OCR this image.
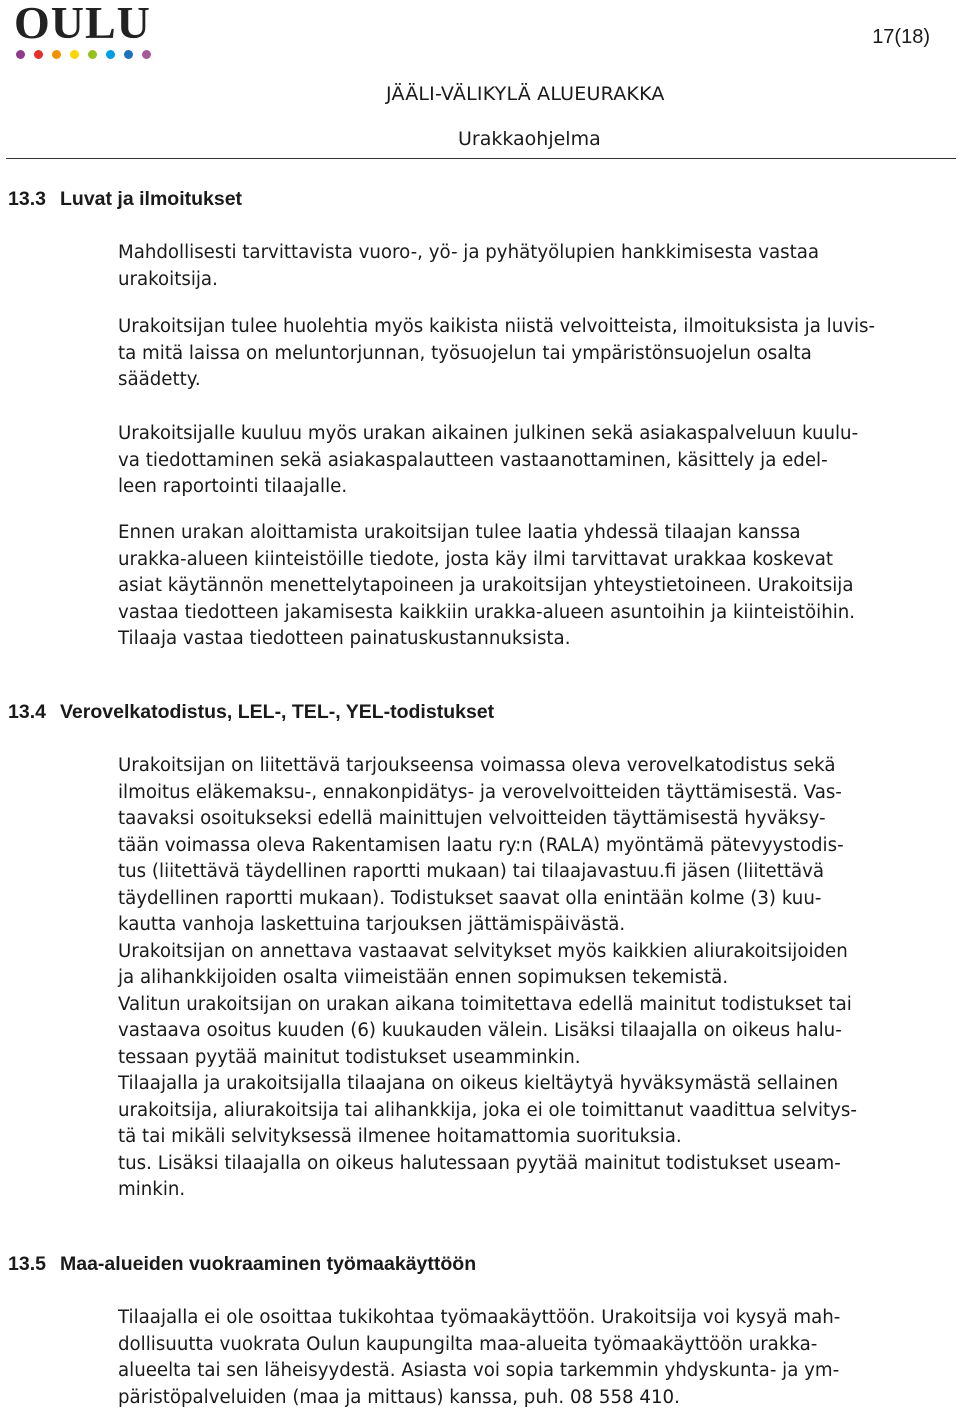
OULU	17(18)
JÄÄLI-VÄLIKYLÄ ALUEURAKKA
Urakkaohjelma
13.3 Luvat ja ilmoitukset
Mahdollisesti tarvittavista vuoro-, yö- ja pyhätyölupien hankkimisesta vastaa
urakoitsija.
Urakoitsijan tulee huolehtia myös kaikista niistä velvoitteista, ilmoituksista ja luvis-
ta mitä laissa on meluntorjunnan, työsuojelun tai ympäristönsuojelun osalta
säädetty.
Urakoitsijalle kuuluu myös urakan aikainen julkinen sekä asiakaspalveluun kuulu-
va tiedottaminen sekä asiakaspalautteen vastaanottaminen, käsittely ja edel-
leen raportointi tilaajalle.
Ennen urakan aloittamista urakoitsijan tulee laatia yhdessä tilaajan kanssa
urakka-alueen kiinteistöille tiedote, josta käy ilmi tarvittavat urakkaa koskevat
asiat käytännön menettelytapoineen ja urakoitsijan yhteystietoineen. Urakoitsija
vastaa tiedotteen jakamisesta kaikkiin urakka-alueen asuntoihin ja kiinteistöihin.
Tilaaja vastaa tiedotteen painatuskustannuksista.
13.4 Verovelkatodistus, LEL-, TEL-, YEL-todistukset
Urakoitsijan on liitettävä tarjoukseensa voimassa oleva verovelkatodistus sekä
ilmoitus eläkemaksu-, ennakonpidätys- ja verovelvoitteiden täyttämisestä. Vas-
taavaksi osoitukseksi edellä mainittujen velvoitteiden täyttämisestä hyväksy-
tään voimassa oleva Rakentamisen laatu ry:n (RALA) myöntämä pätevyystodis-
tus (liitettävä täydellinen raportti mukaan) tai tilaajavastuu.fi jäsen (liitettävä
täydellinen raportti mukaan). Todistukset saavat olla enintään kolme (3) kuu-
kautta vanhoja laskettuina tarjouksen jättämispäivästä.
Urakoitsijan on annettava vastaavat selvitykset myös kaikkien aliurakoitsijoiden
ja alihankkijoiden osalta viimeistään ennen sopimuksen tekemistä.
Valitun urakoitsijan on urakan aikana toimitettava edellä mainitut todistukset tai
vastaava osoitus kuuden (6) kuukauden välein. Lisäksi tilaajalla on oikeus halu-
tessaan pyytää mainitut todistukset useamminkin.
Tilaajalla ja urakoitsijalla tilaajana on oikeus kieltäytyä hyväksymästä sellainen
urakoitsija, aliurakoitsija tai alihankkija, joka ei ole toimittanut vaadittua selvitys-
tä tai mikäli selvityksessä ilmenee hoitamattomia suorituksia.
tus. Lisäksi tilaajalla on oikeus halutessaan pyytää mainitut todistukset useam-
minkin.
13.5 Maa-alueiden vuokraaminen työmaakäyttöön
Tilaajalla ei ole osoittaa tukikohtaa työmaakäyttöön. Urakoitsija voi kysyä mah-
dollisuutta vuokrata Oulun kaupungilta maa-alueita työmaakäyttöön urakka-
alueelta tai sen läheisyydestä. Asiasta voi sopia tarkemmin yhdyskunta- ja ym-
päristöpalveluiden (maa ja mittaus) kanssa, puh. 08 558 410.
